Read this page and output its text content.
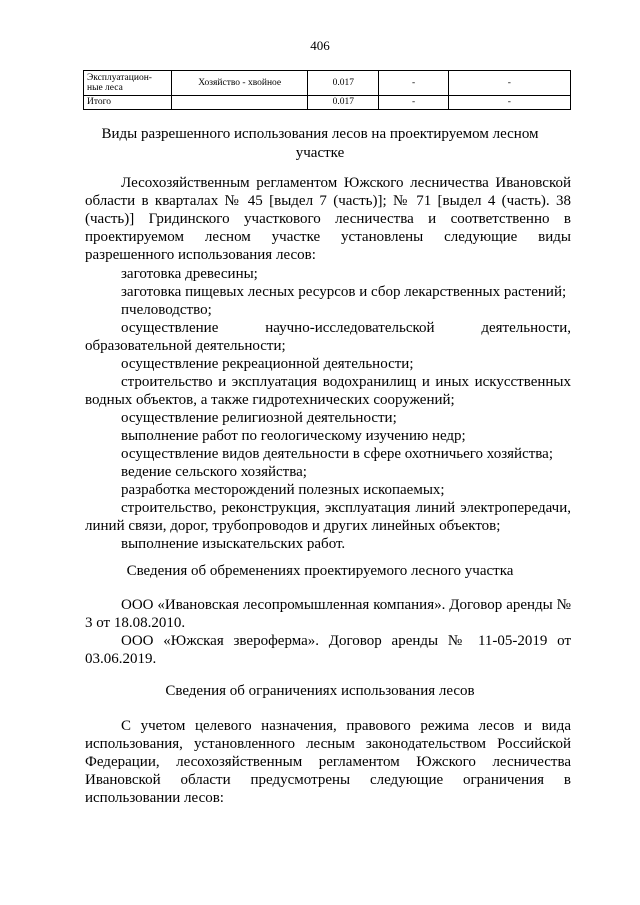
406
Эксплуатацион-
ные леса	Хозяйство - хвойное	0.017	-	-
Итого		0.017	-	-
Виды разрешенного использования лесов на проектируемом лесном
участке

Лесохозяйственным регламентом Южского лесничества Ивановской области в кварталах № 45 [выдел 7 (часть)]; № 71 [выдел 4 (часть). 38 (часть)] Гридинского участкового лесничества и соответственно в проектируемом лесном участке установлены следующие виды разрешенного использования лесов:

заготовка древесины;

заготовка пищевых лесных ресурсов и сбор лекарственных растений;

пчеловодство;

осуществление научно-исследовательской деятельности, образовательной деятельности;

осуществление рекреационной деятельности;

строительство и эксплуатация водохранилищ и иных искусственных водных объектов, а также гидротехнических сооружений;

осуществление религиозной деятельности;

выполнение работ по геологическому изучению недр;

осуществление видов деятельности в сфере охотничьего хозяйства;

ведение сельского хозяйства;

разработка месторождений полезных ископаемых;

строительство, реконструкция, эксплуатация линий электропередачи, линий связи, дорог, трубопроводов и других линейных объектов;

выполнение изыскательских работ.

Сведения об обременениях проектируемого лесного участка

ООО «Ивановская лесопромышленная компания». Договор аренды № 3 от 18.08.2010.

ООО «Южская звероферма». Договор аренды № 11-05-2019 от 03.06.2019.

Сведения об ограничениях использования лесов

С учетом целевого назначения, правового режима лесов и вида использования, установленного лесным законодательством Российской Федерации, лесохозяйственным регламентом Южского лесничества Ивановской области предусмотрены следующие ограничения в использовании лесов:
